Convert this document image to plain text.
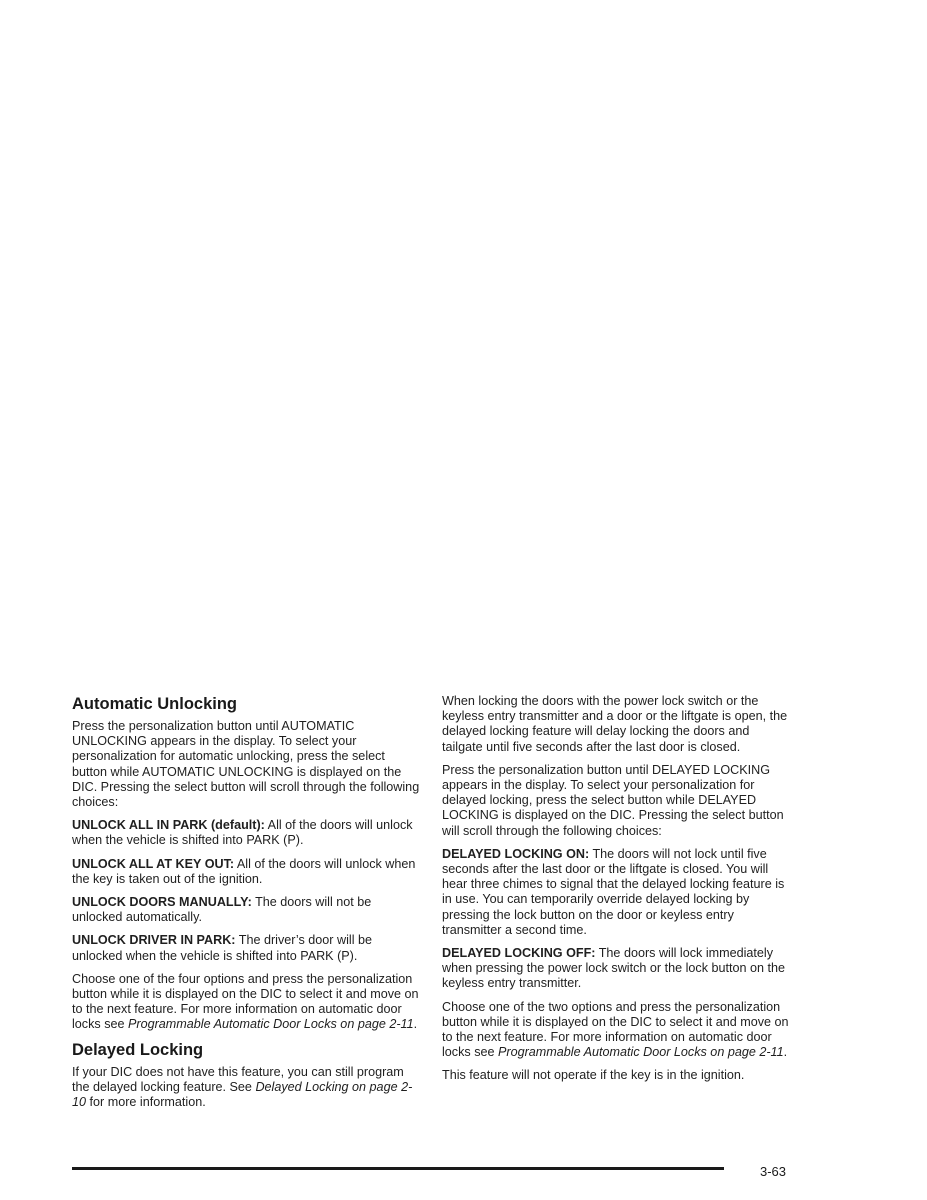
Automatic Unlocking

Press the personalization button until AUTOMATIC UNLOCKING appears in the display. To select your personalization for automatic unlocking, press the select button while AUTOMATIC UNLOCKING is displayed on the DIC. Pressing the select button will scroll through the following choices:

UNLOCK ALL IN PARK (default): All of the doors will unlock when the vehicle is shifted into PARK (P).

UNLOCK ALL AT KEY OUT: All of the doors will unlock when the key is taken out of the ignition.

UNLOCK DOORS MANUALLY: The doors will not be unlocked automatically.

UNLOCK DRIVER IN PARK: The driver’s door will be unlocked when the vehicle is shifted into PARK (P).

Choose one of the four options and press the personalization button while it is displayed on the DIC to select it and move on to the next feature. For more information on automatic door locks see Programmable Automatic Door Locks on page 2-11.

Delayed Locking

If your DIC does not have this feature, you can still program the delayed locking feature. See Delayed Locking on page 2-10 for more information.

When locking the doors with the power lock switch or the keyless entry transmitter and a door or the liftgate is open, the delayed locking feature will delay locking the doors and tailgate until five seconds after the last door is closed.

Press the personalization button until DELAYED LOCKING appears in the display. To select your personalization for delayed locking, press the select button while DELAYED LOCKING is displayed on the DIC. Pressing the select button will scroll through the following choices:

DELAYED LOCKING ON: The doors will not lock until five seconds after the last door or the liftgate is closed. You will hear three chimes to signal that the delayed locking feature is in use. You can temporarily override delayed locking by pressing the lock button on the door or keyless entry transmitter a second time.

DELAYED LOCKING OFF: The doors will lock immediately when pressing the power lock switch or the lock button on the keyless entry transmitter.

Choose one of the two options and press the personalization button while it is displayed on the DIC to select it and move on to the next feature. For more information on automatic door locks see Programmable Automatic Door Locks on page 2-11.

This feature will not operate if the key is in the ignition.

3-63
